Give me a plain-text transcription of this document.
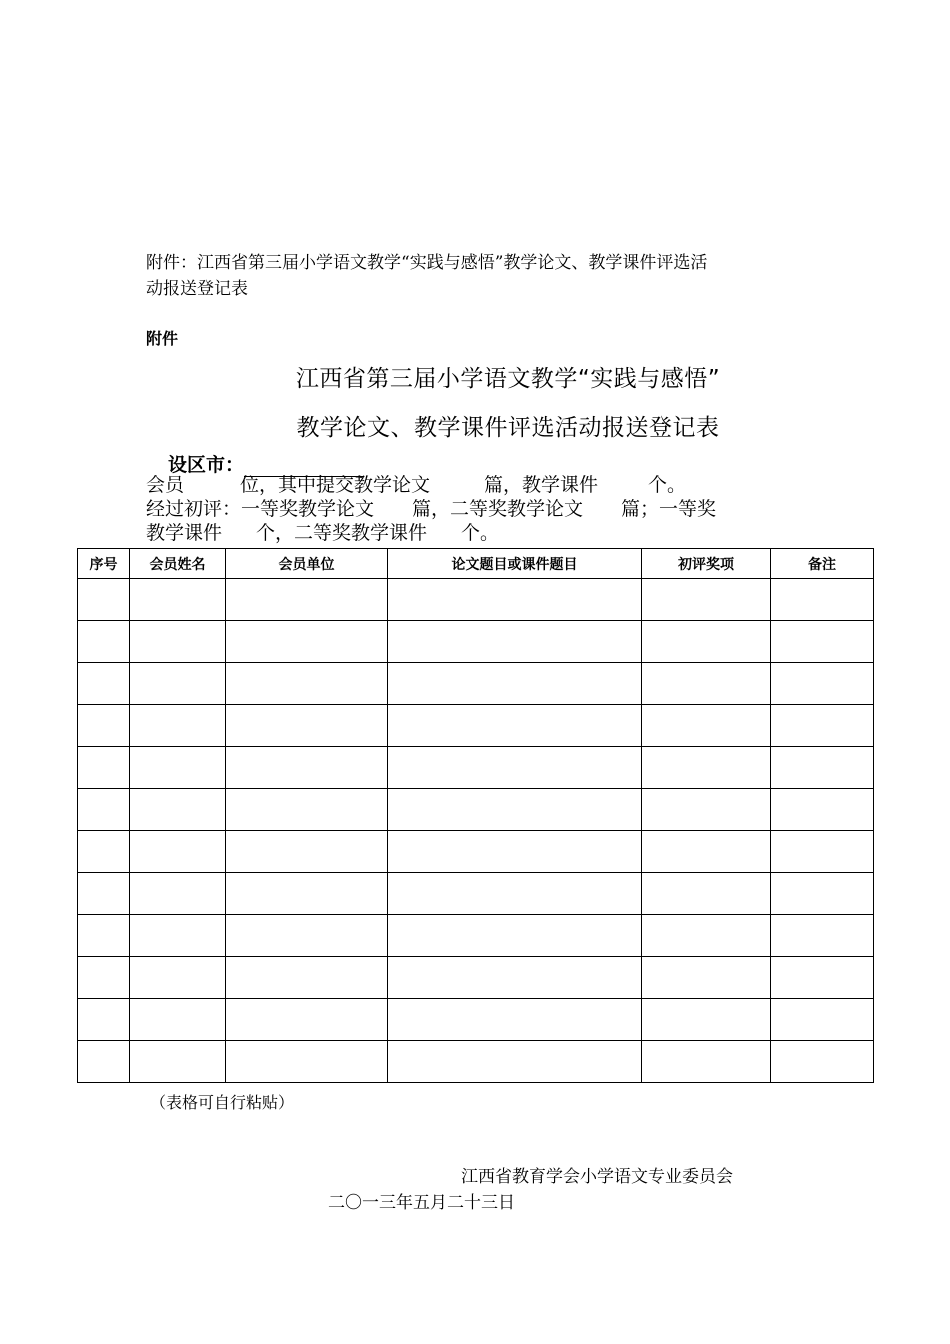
附件：江西省第三届小学语文教学“实践与感悟”教学论文、教学课件评选活
动报送登记表
附件
江西省第三届小学语文教学“实践与感悟”
教学论文、教学课件评选活动报送登记表
设区市：
会员	位，其中提交教学论文	篇，教学课件	个。
经过初评：一等奖教学论文 篇，二等奖教学论文 篇；一等奖
教学课件 个，二等奖教学课件 个。
序号	会员姓名	会员单位	论文题目或课件题目	初评奖项	备注

（表格可自行粘贴）
江西省教育学会小学语文专业委员会
二〇一三年五月二十三日
